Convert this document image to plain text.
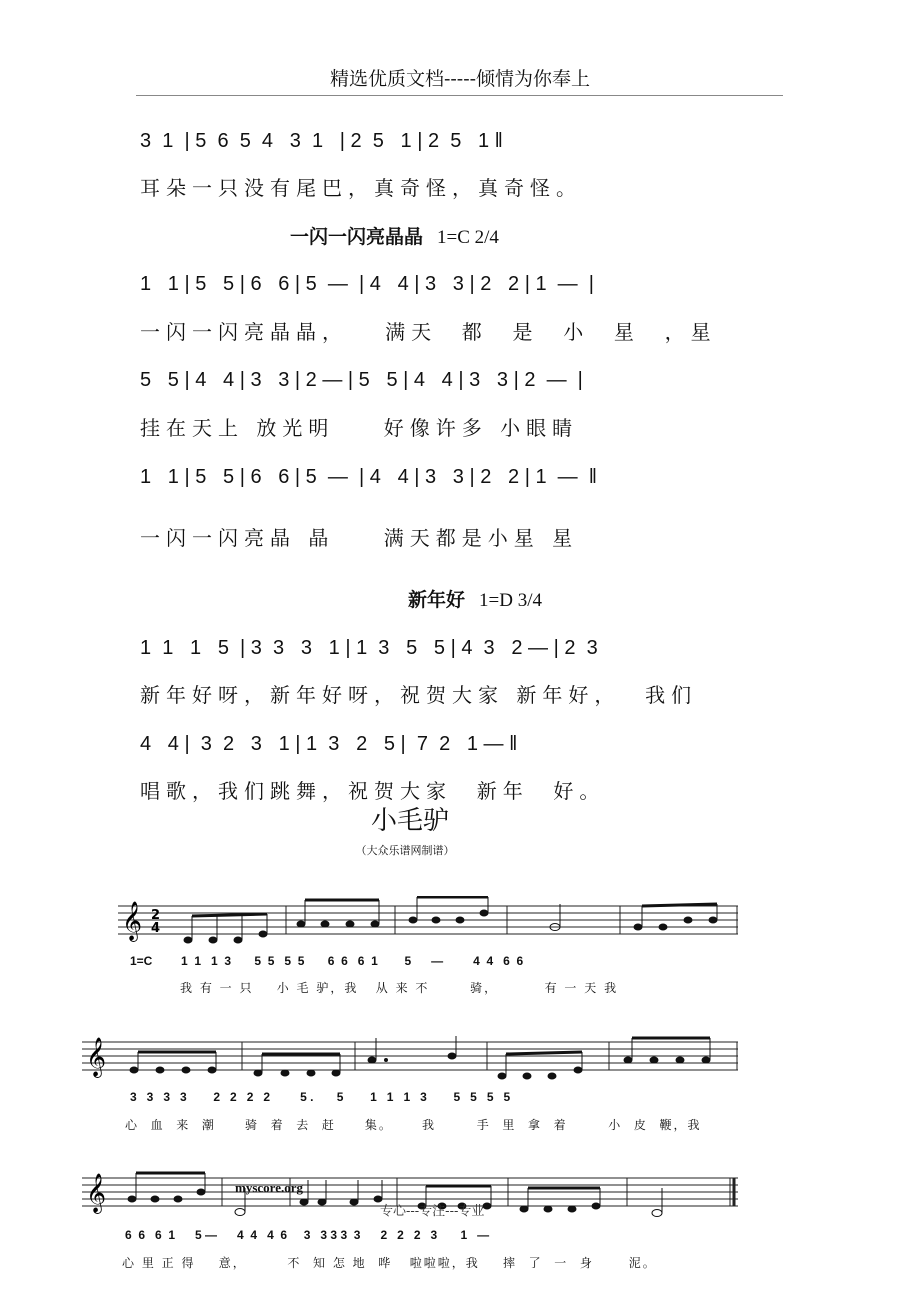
精选优质文档-----倾情为你奉上
3  1  | 5  6  5  4   3  1   | 2  5   1 | 2  5   1 ‖
耳朵一只没有尾巴，真奇怪，真奇怪。
一闪一闪亮晶晶 1=C 2/4
1   1 | 5   5 | 6   6 | 5  —  | 4   4 | 3   3 | 2   2 | 1  —  |
一闪一闪亮晶晶，   满天  都  是  小  星  ，星
5   5 | 4   4 | 3   3 | 2 — | 5   5 | 4   4 | 3   3 | 2  —  |
挂在天上 放光明    好像许多 小眼睛
1   1 | 5   5 | 6   6 | 5  —  | 4   4 | 3   3 | 2   2 | 1  —  ‖
一闪一闪亮晶 晶    满天都是小星 星
新年好 1=D 3/4
1  1   1   5  | 3  3   3   1 | 1  3   5   5 | 4  3   2 — | 2  3
新年好呀，新年好呀，祝贺大家 新年好，  我们
4   4 |  3  2   3   1 | 1  3   2   5 |  7  2   1 — ‖
唱歌，我们跳舞，祝贺大家  新年  好。
小毛驴
（大众乐谱网制谱）
𝄞 2
4
1=C 1  1   1  3       5  5   5  5       6  6   6  1        5      —         4  4   6  6
我 有 一 只    小 毛 驴，我   从 来 不       骑，        有 一 天 我
𝄞
3   3   3   3        2   2   2   2         5 .       5        1   1   1   3        5   5   5   5
心  血  来  潮     骑  着  去  赶     集。     我       手  里  拿  着       小  皮  鞭，我
𝄞	myscore.org
专心---专注---专业
6  6   6  1      5 —      4  4   4  6     3   3 3 3  3      2   2   2   3       1   —
心 里 正 得    意，       不  知 怎 地  哗   啦啦啦，我    摔  了  一  身      泥。
